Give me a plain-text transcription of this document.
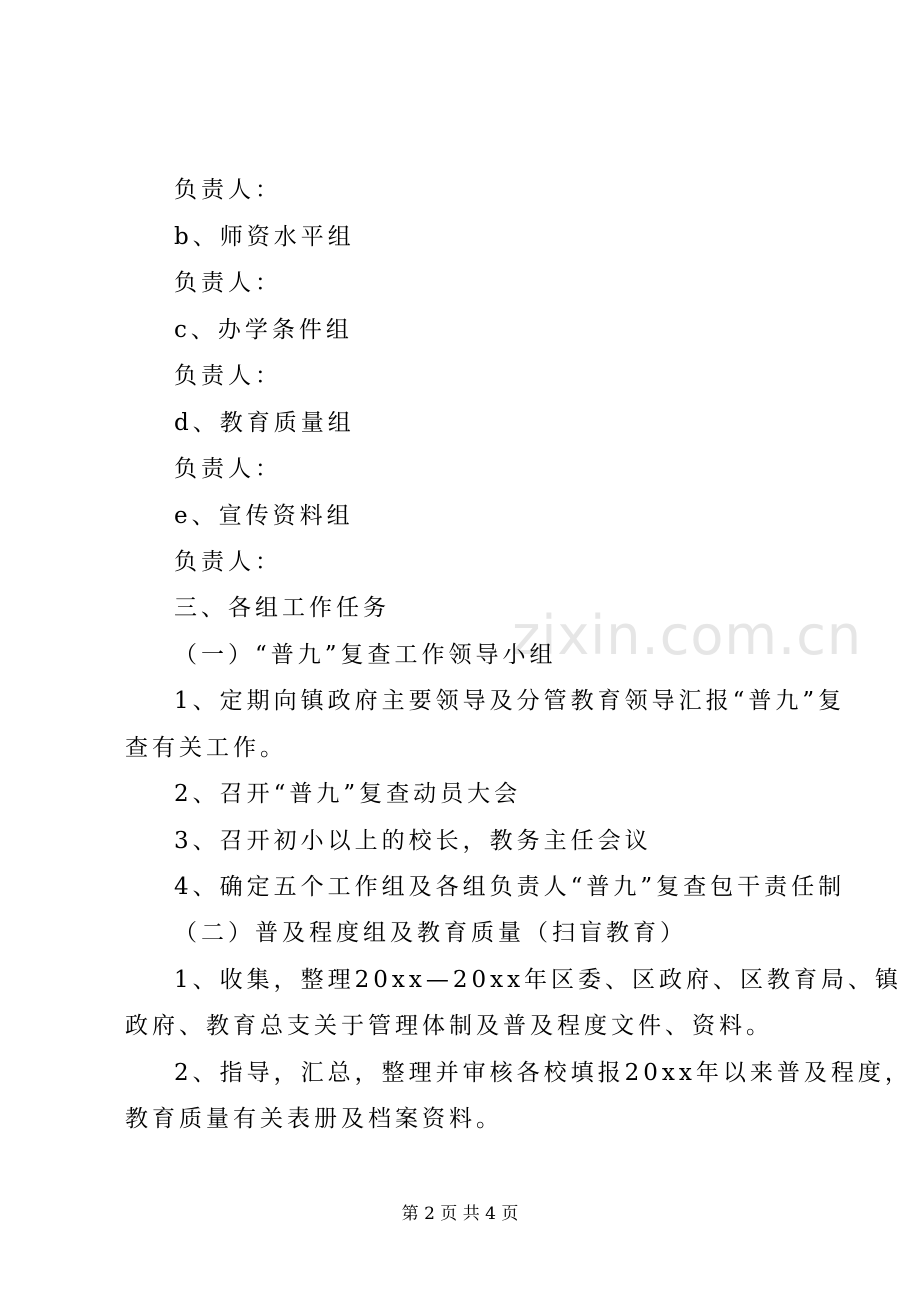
zixin.com.cn
负责人：
b、师资水平组
负责人：
c、办学条件组
负责人：
d、教育质量组
负责人：
e、宣传资料组
负责人：
三、各组工作任务
（一）“普九”复查工作领导小组
1、定期向镇政府主要领导及分管教育领导汇报“普九”复
查有关工作。
2、召开“普九”复查动员大会
3、召开初小以上的校长，教务主任会议
4、确定五个工作组及各组负责人“普九”复查包干责任制
（二）普及程度组及教育质量（扫盲教育）
1、收集，整理20xx—20xx年区委、区政府、区教育局、镇
政府、教育总支关于管理体制及普及程度文件、资料。
2、指导，汇总，整理并审核各校填报20xx年以来普及程度，
教育质量有关表册及档案资料。
第 2 页 共 4 页
